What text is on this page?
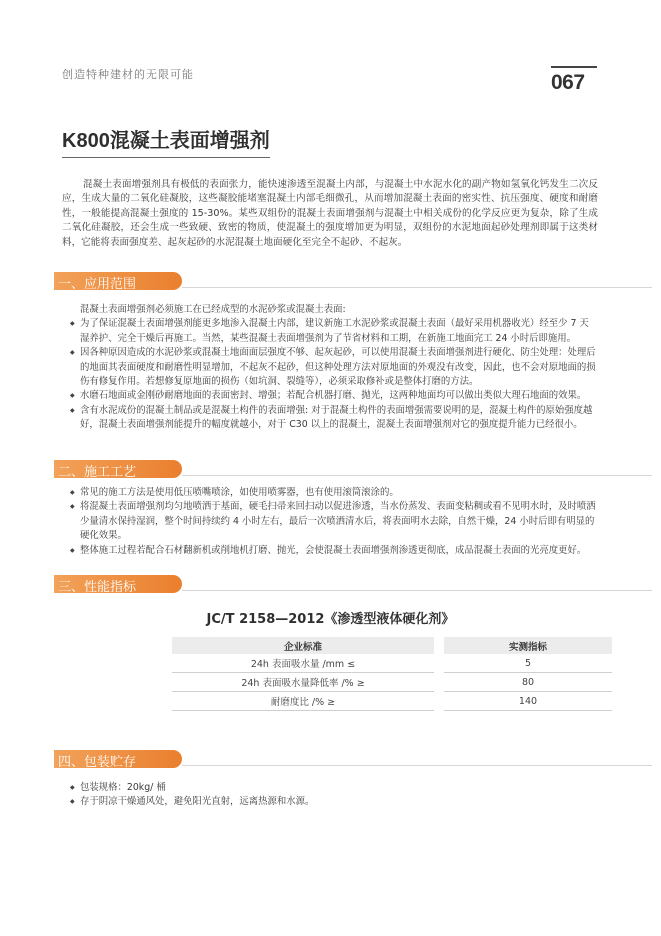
创造特种建材的无限可能	067
K800混凝土表面增强剂

混凝土表面增强剂具有极低的表面张力，能快速渗透至混凝土内部，与混凝土中水泥水化的副产物如氢氧化钙发生二次反应，生成大量的二氧化硅凝胶，这些凝胶能堵塞混凝土内部毛细微孔，从而增加混凝土表面的密实性、抗压强度、硬度和耐磨性，一般能提高混凝土强度的 15-30%。某些双组份的混凝土表面增强剂与混凝土中相关成份的化学反应更为复杂，除了生成二氧化硅凝胶，还会生成一些致硬、致密的物质，使混凝土的强度增加更为明显，双组份的水泥地面起砂处理剂即属于这类材料，它能将表面强度差、起灰起砂的水泥混凝土地面硬化至完全不起砂、不起灰。

一、应用范围

混凝土表面增强剂必须施工在已经成型的水泥砂浆或混凝土表面:

◆ 为了保证混凝土表面增强剂能更多地渗入混凝土内部，建议新施工水泥砂浆或混凝土表面（最好采用机器收光）经至少 7 天湿养护、完全干燥后再施工。当然，某些混凝土表面增强剂为了节省材料和工期，在新施工地面完工 24 小时后即施用。
◆ 因各种原因造成的水泥砂浆或混凝土地面面层强度不够、起灰起砂，可以使用混凝土表面增强剂进行硬化、防尘处理：处理后的地面其表面硬度和耐磨性明显增加，不起灰不起砂，但这种处理方法对原地面的外观没有改变，因此，也不会对原地面的损伤有修复作用。若想修复原地面的损伤（如坑洞、裂缝等），必须采取修补或是整体打磨的方法。
◆ 水磨石地面或金刚砂耐磨地面的表面密封、增强；若配合机器打磨、抛光，这两种地面均可以做出类似大理石地面的效果。
◆ 含有水泥成份的混凝土制品或是混凝土构件的表面增强: 对于混凝土构件的表面增强需要说明的是，混凝土构件的原始强度越好，混凝土表面增强剂能提升的幅度就越小，对于 C30 以上的混凝土，混凝土表面增强剂对它的强度提升能力已经很小。
二、施工工艺
◆ 常见的施工方法是使用低压喷嘴喷涂，如使用喷雾器，也有使用滚筒滚涂的。
◆ 将混凝土表面增强剂均匀地喷洒于基面，硬毛扫帚来回扫动以促进渗透，当水份蒸发、表面变粘稠或看不见明水时，及时喷洒少量清水保持湿润，整个时间持续约 4 小时左右，最后一次喷洒清水后，将表面明水去除，自然干燥，24 小时后即有明显的硬化效果。
◆ 整体施工过程若配合石材翻新机或削地机打磨、抛光，会使混凝土表面增强剂渗透更彻底，成品混凝土表面的光亮度更好。
三、性能指标

JC/T 2158—2012《渗透型液体硬化剂》

企业标准		实测指标
24h 表面吸水量 /mm ≤		5
24h 表面吸水量降低率 /% ≥		80
耐磨度比 /% ≥		140
四、包装贮存
◆ 包装规格：20kg/ 桶
◆ 存于阴凉干燥通风处，避免阳光直射，远离热源和水源。
